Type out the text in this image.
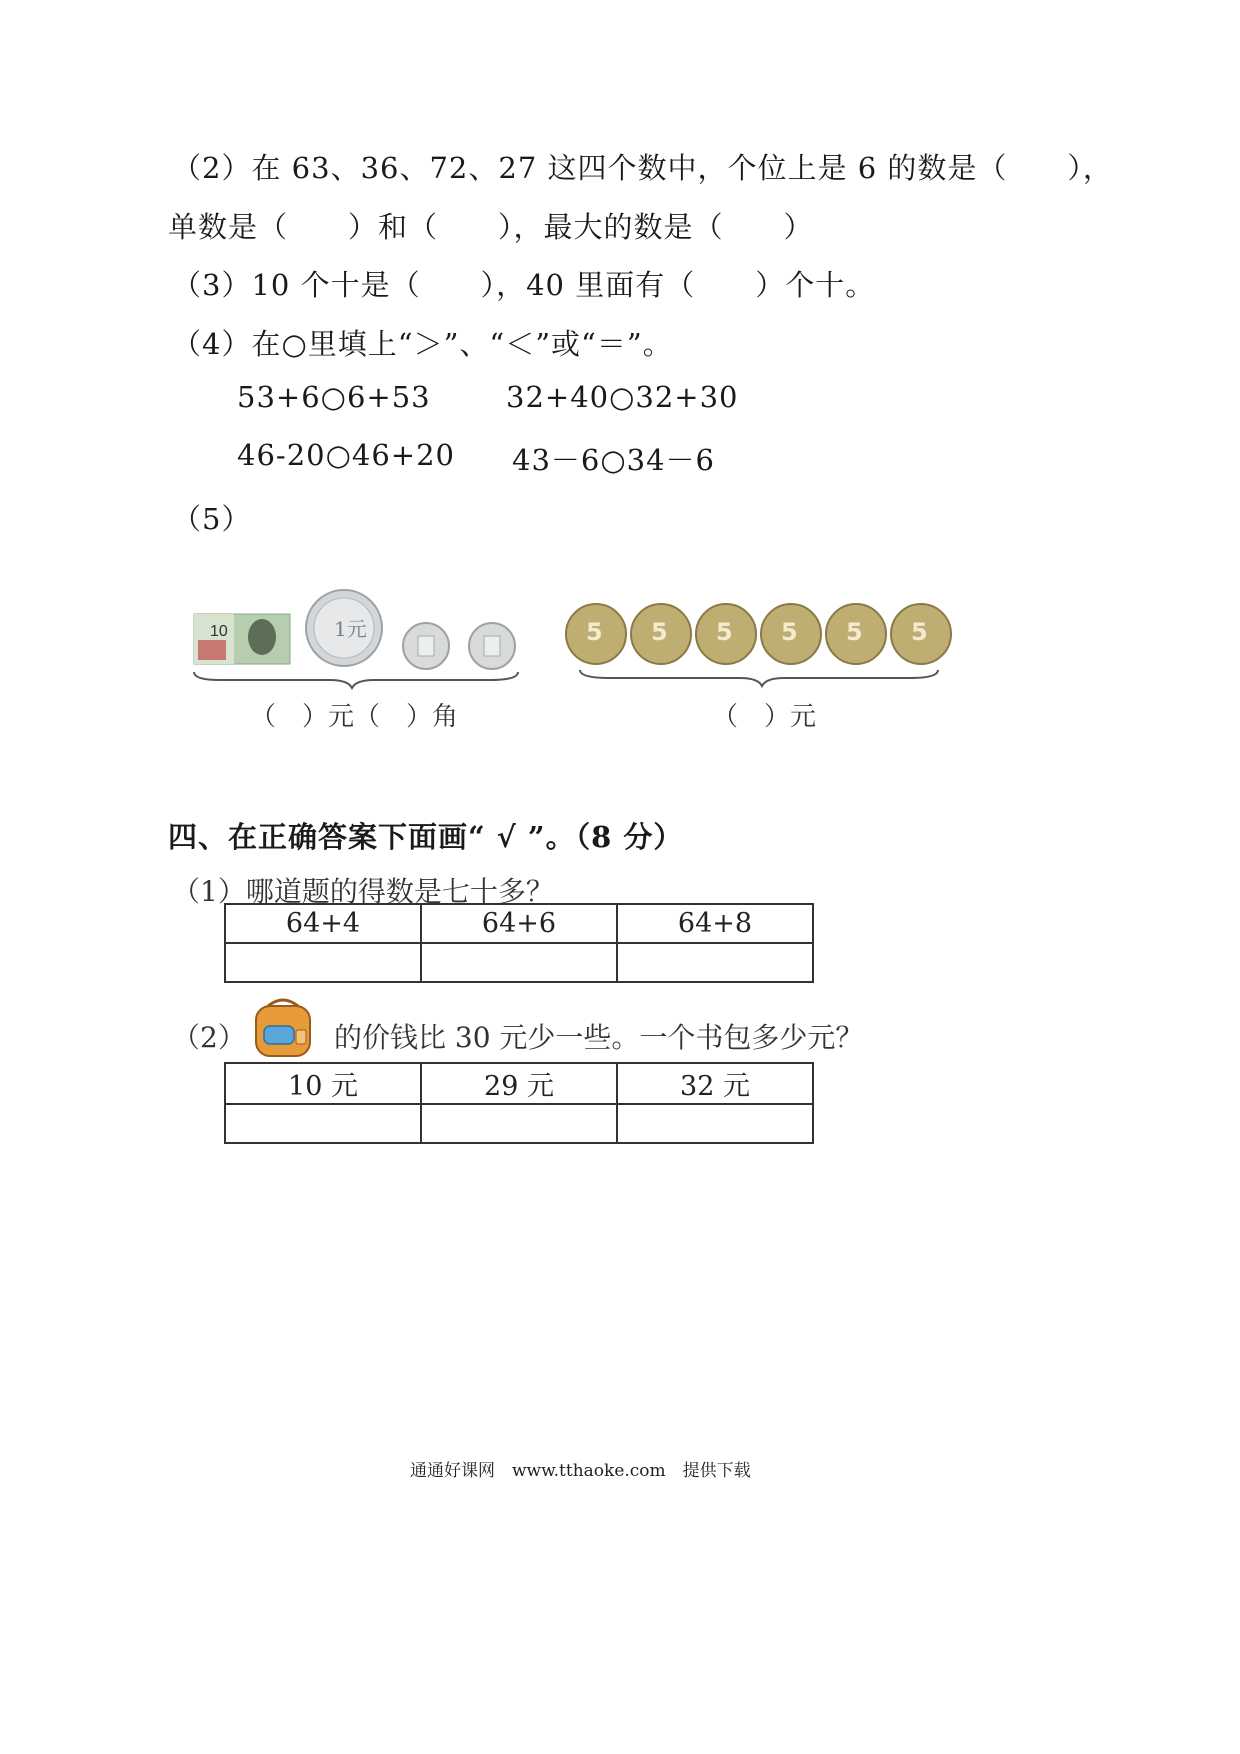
（2）在 63、36、72、27 这四个数中，个位上是 6 的数是（　　），
单数是（　　）和（　　），最大的数是（　　）
（3）10 个十是（　　），40 里面有（　　）个十。
（4）在○里填上“＞”、“＜”或“＝”。
53+6○6+53	32+40○32+30
46-20○46+20 43－6○34－6
（5）
10	1元	5 5 5 5 5 5
（　）元（　）角	（　）元
四、在正确答案下面画“ √ ”。（8 分）
（1）哪道题的得数是七十多？
64+4	64+6	64+8

（2）	的价钱比 30 元少一些。一个书包多少元？
10 元	29 元	32 元

通通好课网　www.tthaoke.com　提供下载
